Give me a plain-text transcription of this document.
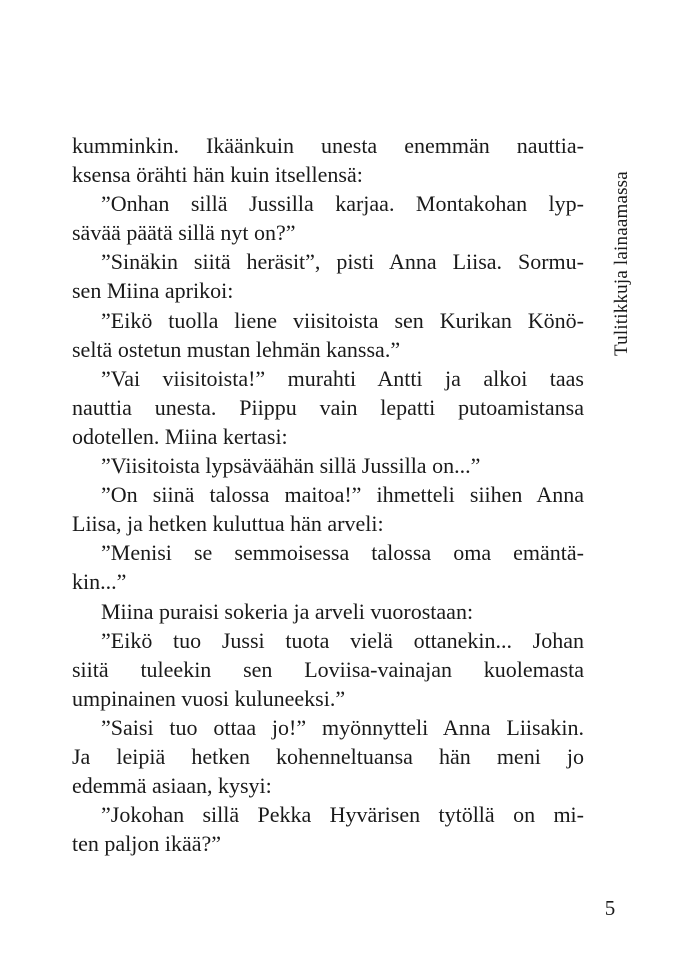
kumminkin. Ikäänkuin unesta enemmän nauttia-
ksensa örähti hän kuin itsellensä:
”Onhan sillä Jussilla karjaa. Montakohan lyp-
sävää päätä sillä nyt on?”
”Sinäkin siitä heräsit”, pisti Anna Liisa. Sormu-
sen Miina aprikoi:
”Eikö tuolla liene viisitoista sen Kurikan Könö-
seltä ostetun mustan lehmän kanssa.”
”Vai viisitoista!” murahti Antti ja alkoi taas
nauttia unesta. Piippu vain lepatti putoamistansa
odotellen. Miina kertasi:
”Viisitoista lypsäväähän sillä Jussilla on...”
”On siinä talossa maitoa!” ihmetteli siihen Anna
Liisa, ja hetken kuluttua hän arveli:
”Menisi se semmoisessa talossa oma emäntä-
kin...”
Miina puraisi sokeria ja arveli vuorostaan:
”Eikö tuo Jussi tuota vielä ottanekin... Johan
siitä tuleekin sen Loviisa-vainajan kuolemasta
umpinainen vuosi kuluneeksi.”
”Saisi tuo ottaa jo!” myönnytteli Anna Liisakin.
Ja leipiä hetken kohenneltuansa hän meni jo
edemmä asiaan, kysyi:
”Jokohan sillä Pekka Hyvärisen tytöllä on mi-
ten paljon ikää?”
Tulitikkuja lainaamassa
5
